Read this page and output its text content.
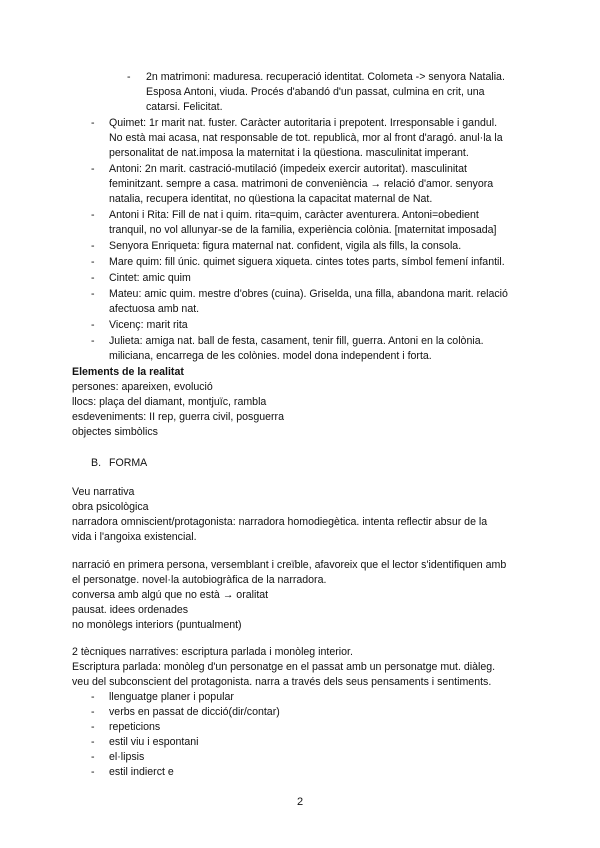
- 2n matrimoni: maduresa. recuperació identitat. Colometa -> senyora Natalia.
Esposa Antoni, viuda. Procés d'abandó d'un passat, culmina en crit, una
catarsi. Felicitat.
- Quimet: 1r marit nat. fuster. Caràcter autoritaria i prepotent. Irresponsable i gandul.
No està mai acasa, nat responsable de tot. republicà, mor al front d'aragó. anul·la la
personalitat de nat.imposa la maternitat i la qüestiona. masculinitat imperant.
- Antoni: 2n marit. castració-mutilació (impedeix exercir autoritat). masculinitat
feminitzant. sempre a casa. matrimoni de conveniència → relació d'amor. senyora
natalia, recupera identitat, no qüestiona la capacitat maternal de Nat.
- Antoni i Rita: Fill de nat i quim. rita=quim, caràcter aventurera. Antoni=obedient
tranquil, no vol allunyar-se de la familia, experiència colònia. [maternitat imposada]
- Senyora Enriqueta: figura maternal nat. confident, vigila als fills, la consola.
- Mare quim: fill únic. quimet siguera xiqueta. cintes totes parts, símbol femení infantil.
- Cintet: amic quim
- Mateu: amic quim. mestre d'obres (cuina). Griselda, una filla, abandona marit. relació
afectuosa amb nat.
- Vicenç: marit rita
- Julieta: amiga nat. ball de festa, casament, tenir fill, guerra. Antoni en la colònia.
miliciana, encarrega de les colònies. model dona independent i forta.
Elements de la realitat
persones: apareixen, evolució
llocs: plaça del diamant, montjuïc, rambla
esdeveniments: II rep, guerra civil, posguerra
objectes simbòlics
B. FORMA
Veu narrativa
obra psicològica
narradora omniscient/protagonista: narradora homodiegètica. intenta reflectir absur de la
vida i l'angoixa existencial.
narració en primera persona, versemblant i creïble, afavoreix que el lector s'identifiquen amb
el personatge. novel·la autobiogràfica de la narradora.
conversa amb algú que no està → oralitat
pausat. idees ordenades
no monòlegs interiors (puntualment)
2 tècniques narratives: escriptura parlada i monòleg interior.
Escriptura parlada: monòleg d'un personatge en el passat amb un personatge mut. diàleg.
veu del subconscient del protagonista. narra a través dels seus pensaments i sentiments.
- llenguatge planer i popular
- verbs en passat de dicció(dir/contar)
- repeticions
- estil viu i espontani
- el·lipsis
- estil indierct e
2
